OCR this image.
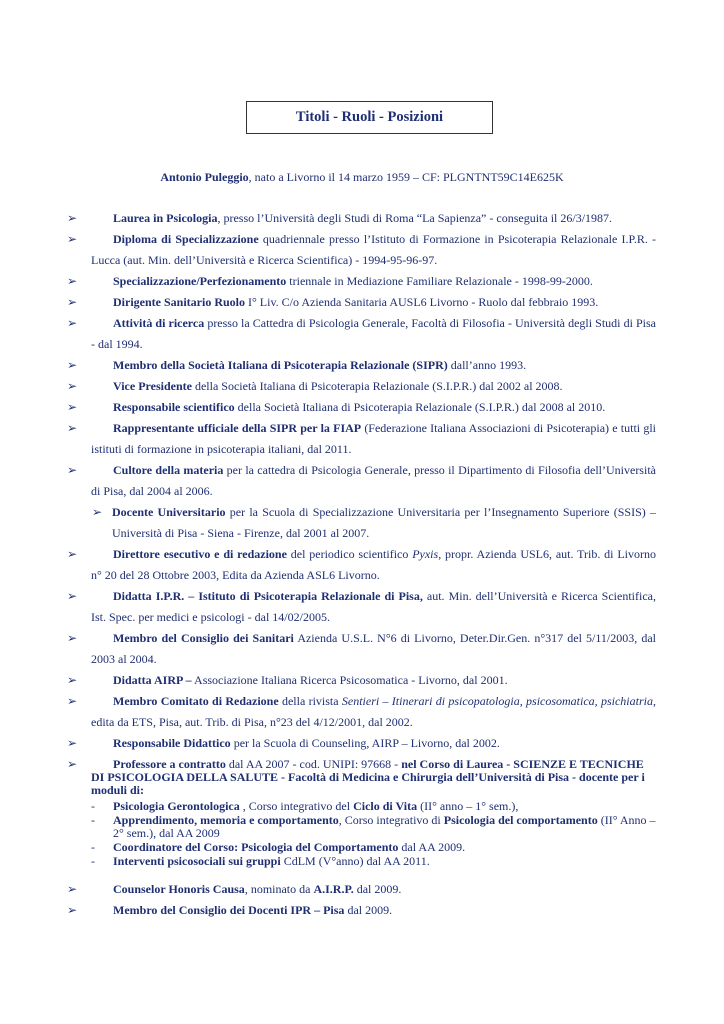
Titoli - Ruoli - Posizioni
Antonio Puleggio, nato a Livorno il 14 marzo 1959 – CF: PLGNTNT59C14E625K
➢	Laurea in Psicologia, presso l’Università degli Studi di Roma “La Sapienza” - conseguita il 26/3/1987.
➢	Diploma di Specializzazione quadriennale presso l’Istituto di Formazione in Psicoterapia Relazionale I.P.R. - Lucca (aut. Min. dell’Università e Ricerca Scientifica) - 1994-95-96-97.
➢	Specializzazione/Perfezionamento triennale in Mediazione Familiare Relazionale - 1998-99-2000.
➢	Dirigente Sanitario Ruolo I° Liv. C/o Azienda Sanitaria AUSL6 Livorno - Ruolo dal febbraio 1993.
➢	Attività di ricerca presso la Cattedra di Psicologia Generale, Facoltà di Filosofia - Università degli Studi di Pisa - dal 1994.
➢	Membro della Società Italiana di Psicoterapia Relazionale (SIPR) dall’anno 1993.
➢	Vice Presidente della Società Italiana di Psicoterapia Relazionale (S.I.P.R.) dal 2002 al 2008.
➢	Responsabile scientifico della Società Italiana di Psicoterapia Relazionale (S.I.P.R.) dal 2008 al 2010.
➢	Rappresentante ufficiale della SIPR per la FIAP (Federazione Italiana Associazioni di Psicoterapia) e tutti gli istituti di formazione in psicoterapia italiani, dal 2011.
➢	Cultore della materia per la cattedra di Psicologia Generale, presso il Dipartimento di Filosofia dell’Università di Pisa, dal 2004 al 2006.
➢ Docente Universitario per la Scuola di Specializzazione Universitaria per l’Insegnamento Superiore (SSIS) – Università di Pisa - Siena - Firenze, dal 2001 al 2007.
➢	Direttore esecutivo e di redazione del periodico scientifico Pyxis, propr. Azienda USL6, aut. Trib. di Livorno n° 20 del 28 Ottobre 2003, Edita da Azienda ASL6 Livorno.
➢	Didatta I.P.R. – Istituto di Psicoterapia Relazionale di Pisa, aut. Min. dell’Università e Ricerca Scientifica, Ist. Spec. per medici e psicologi - dal 14/02/2005.
➢	Membro del Consiglio dei Sanitari Azienda U.S.L. N°6 di Livorno, Deter.Dir.Gen. n°317 del 5/11/2003, dal 2003 al 2004.
➢	Didatta AIRP – Associazione Italiana Ricerca Psicosomatica - Livorno, dal 2001.
➢	Membro Comitato di Redazione della rivista Sentieri – Itinerari di psicopatologia, psicosomatica, psichiatria, edita da ETS, Pisa, aut. Trib. di Pisa, n°23 del 4/12/2001, dal 2002.
➢	Responsabile Didattico per la Scuola di Counseling, AIRP – Livorno, dal 2002.
➢	Professore a contratto dal AA 2007 - cod. UNIPI: 97668 - nel Corso di Laurea - SCIENZE E TECNICHE DI PSICOLOGIA DELLA SALUTE - Facoltà di Medicina e Chirurgia dell’Università di Pisa - docente per i moduli di:
- Psicologia Gerontologica , Corso integrativo del Ciclo di Vita (II° anno – 1° sem.),
- Apprendimento, memoria e comportamento, Corso integrativo di Psicologia del comportamento (II° Anno – 2° sem.), dal AA 2009
- Coordinatore del Corso: Psicologia del Comportamento dal AA 2009.
- Interventi psicosociali sui gruppi CdLM (V°anno) dal AA 2011.
➢	Counselor Honoris Causa, nominato da A.I.R.P. dal 2009.
➢	Membro del Consiglio dei Docenti IPR – Pisa dal 2009.
